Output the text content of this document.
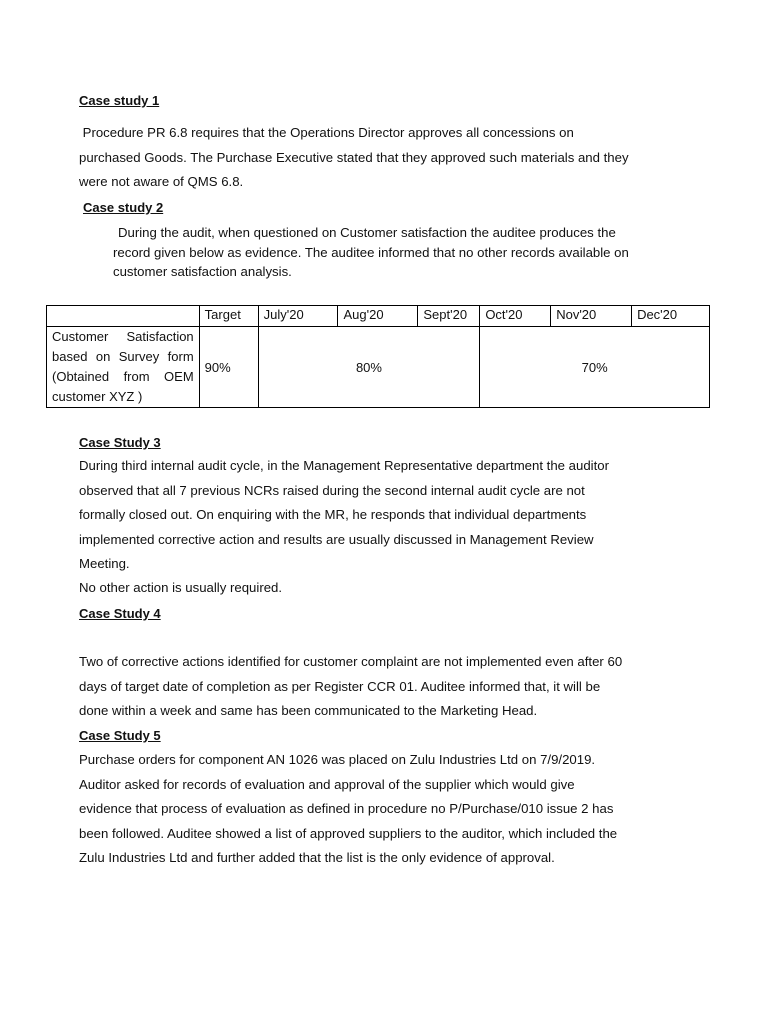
Case study 1
Procedure PR 6.8 requires that the Operations Director approves all concessions on
purchased Goods. The Purchase Executive stated that they approved such materials and they
were not aware of QMS 6.8.
Case study 2
During the audit, when questioned on Customer satisfaction the auditee produces the
record given below as evidence. The auditee informed that no other records available on
customer satisfaction analysis.
	Target	July'20	Aug'20	Sept'20	Oct'20	Nov'20	Dec'20

Customer Satisfaction
based on Survey form
(Obtained from OEM
customer XYZ )	90%	80%			70%		
Case Study 3
During third internal audit cycle, in the Management Representative department the auditor
observed that all 7 previous NCRs raised during the second internal audit cycle are not
formally closed out. On enquiring with the MR, he responds that individual departments
implemented corrective action and results are usually discussed in Management Review
Meeting.
No other action is usually required.
Case Study 4
Two of corrective actions identified for customer complaint are not implemented even after 60
days of target date of completion as per Register CCR 01. Auditee informed that, it will be
done within a week and same has been communicated to the Marketing Head.
Case Study 5
Purchase orders for component AN 1026 was placed on Zulu Industries Ltd on 7/9/2019.
Auditor asked for records of evaluation and approval of the supplier which would give
evidence that process of evaluation as defined in procedure no P/Purchase/010 issue 2 has
been followed. Auditee showed a list of approved suppliers to the auditor, which included the
Zulu Industries Ltd and further added that the list is the only evidence of approval.
